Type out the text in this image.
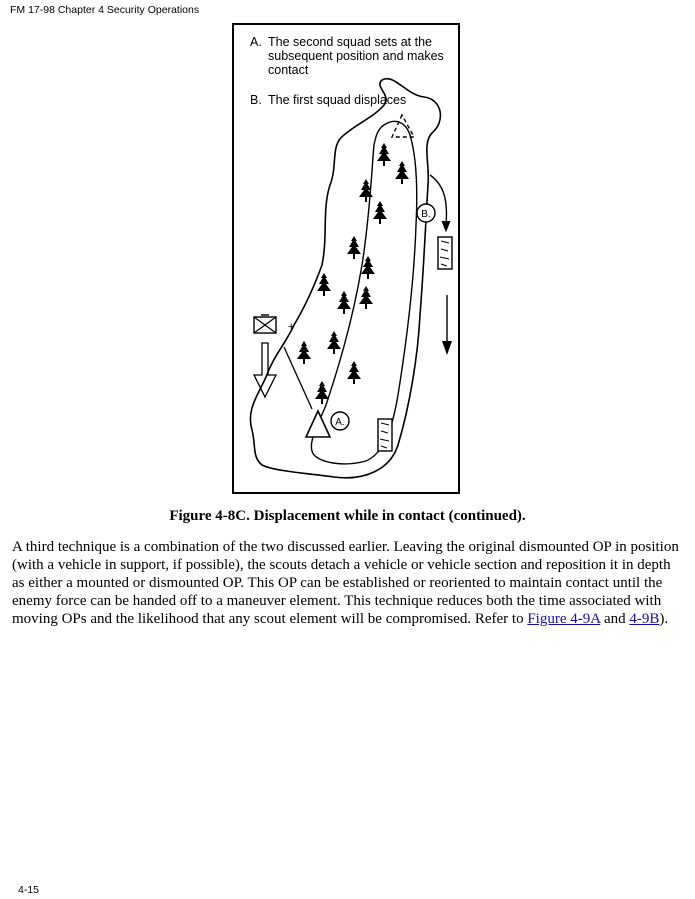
FM 17-98 Chapter 4 Security Operations
B.
+
A.
A. The second squad sets at the subsequent position and makes contact
B. The first squad displaces
Figure 4-8C. Displacement while in contact (continued).

A third technique is a combination of the two discussed earlier. Leaving the original dismounted OP in position (with a vehicle in support, if possible), the scouts detach a vehicle or vehicle section and reposition it in depth as either a mounted or dismounted OP. This OP can be established or reoriented to maintain contact until the enemy force can be handed off to a maneuver element. This technique reduces both the time associated with moving OPs and the likelihood that any scout element will be compromised. Refer to Figure 4-9A and 4-9B).

4-15
